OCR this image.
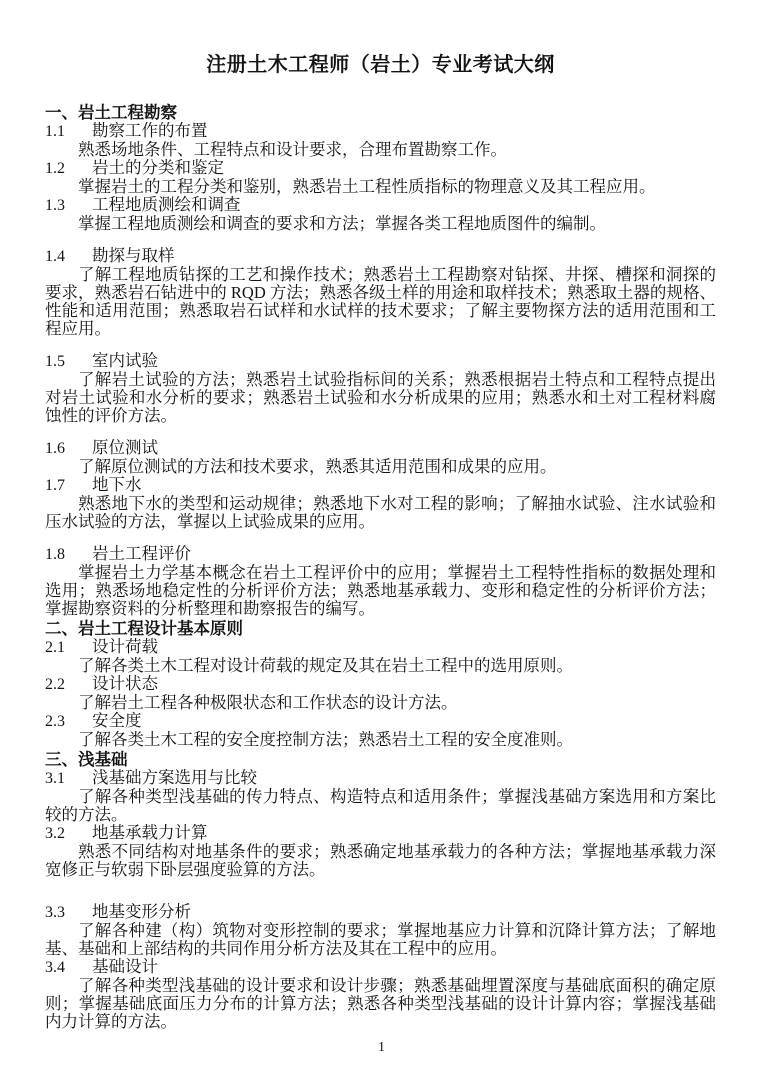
注册土木工程师（岩土）专业考试大纲
一、岩土工程勘察
1.1 勘察工作的布置

熟悉场地条件、工程特点和设计要求，合理布置勘察工作。

1.2 岩土的分类和鉴定

掌握岩土的工程分类和鉴别，熟悉岩土工程性质指标的物理意义及其工程应用。

1.3 工程地质测绘和调查

掌握工程地质测绘和调查的要求和方法；掌握各类工程地质图件的编制。

1.4 勘探与取样

了解工程地质钻探的工艺和操作技术；熟悉岩土工程勘察对钻探、井探、槽探和洞探的要求，熟悉岩石钻进中的 RQD 方法；熟悉各级土样的用途和取样技术；熟悉取土器的规格、性能和适用范围；熟悉取岩石试样和水试样的技术要求；了解主要物探方法的适用范围和工程应用。

1.5 室内试验

了解岩土试验的方法；熟悉岩土试验指标间的关系；熟悉根据岩土特点和工程特点提出对岩土试验和水分析的要求；熟悉岩土试验和水分析成果的应用；熟悉水和土对工程材料腐蚀性的评价方法。

1.6 原位测试

了解原位测试的方法和技术要求，熟悉其适用范围和成果的应用。

1.7 地下水

熟悉地下水的类型和运动规律；熟悉地下水对工程的影响；了解抽水试验、注水试验和压水试验的方法，掌握以上试验成果的应用。

1.8 岩土工程评价

掌握岩土力学基本概念在岩土工程评价中的应用；掌握岩土工程特性指标的数据处理和选用；熟悉场地稳定性的分析评价方法；熟悉地基承载力、变形和稳定性的分析评价方法；掌握勘察资料的分析整理和勘察报告的编写。

二、岩土工程设计基本原则
2.1 设计荷载

了解各类土木工程对设计荷载的规定及其在岩土工程中的选用原则。

2.2 设计状态

了解岩土工程各种极限状态和工作状态的设计方法。

2.3 安全度

了解各类土木工程的安全度控制方法；熟悉岩土工程的安全度准则。

三、浅基础
3.1 浅基础方案选用与比较

了解各种类型浅基础的传力特点、构造特点和适用条件；掌握浅基础方案选用和方案比较的方法。

3.2 地基承载力计算

熟悉不同结构对地基条件的要求；熟悉确定地基承载力的各种方法；掌握地基承载力深宽修正与软弱下卧层强度验算的方法。

3.3 地基变形分析

了解各种建（构）筑物对变形控制的要求；掌握地基应力计算和沉降计算方法；了解地基、基础和上部结构的共同作用分析方法及其在工程中的应用。

3.4 基础设计

了解各种类型浅基础的设计要求和设计步骤；熟悉基础埋置深度与基础底面积的确定原则；掌握基础底面压力分布的计算方法；熟悉各种类型浅基础的设计计算内容；掌握浅基础内力计算的方法。

1
